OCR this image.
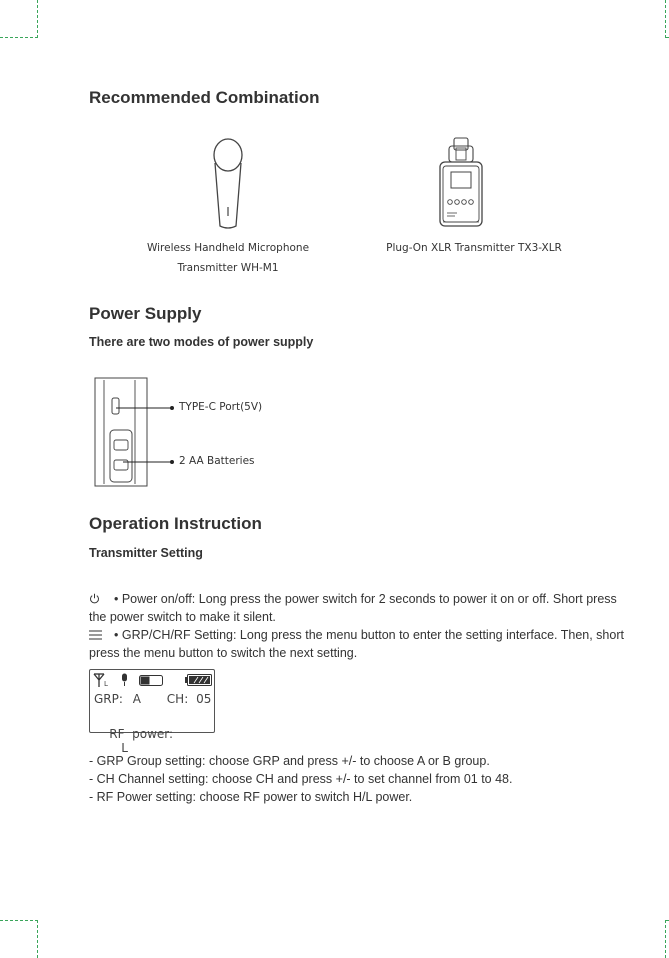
Recommended Combination
Wireless Handheld Microphone
Transmitter WH-M1
Plug-On XLR Transmitter TX3-XLR
Power Supply
There are two modes of power supply
TYPE-C Port(5V)
2 AA Batteries
Operation Instruction
Transmitter Setting
• Power on/off: Long press the power switch for 2 seconds to power it on or off. Short press the power switch to make it silent.
• GRP/CH/RF Setting: Long press the menu button to enter the setting interface. Then, short press the menu button to switch the next setting.
L
GRP: A CH: 05

RF  power:
L

- GRP Group setting: choose GRP and press +/- to choose A or B group.
- CH Channel setting: choose CH and press +/- to set channel from 01 to 48.
- RF Power setting: choose RF power to switch H/L power.
